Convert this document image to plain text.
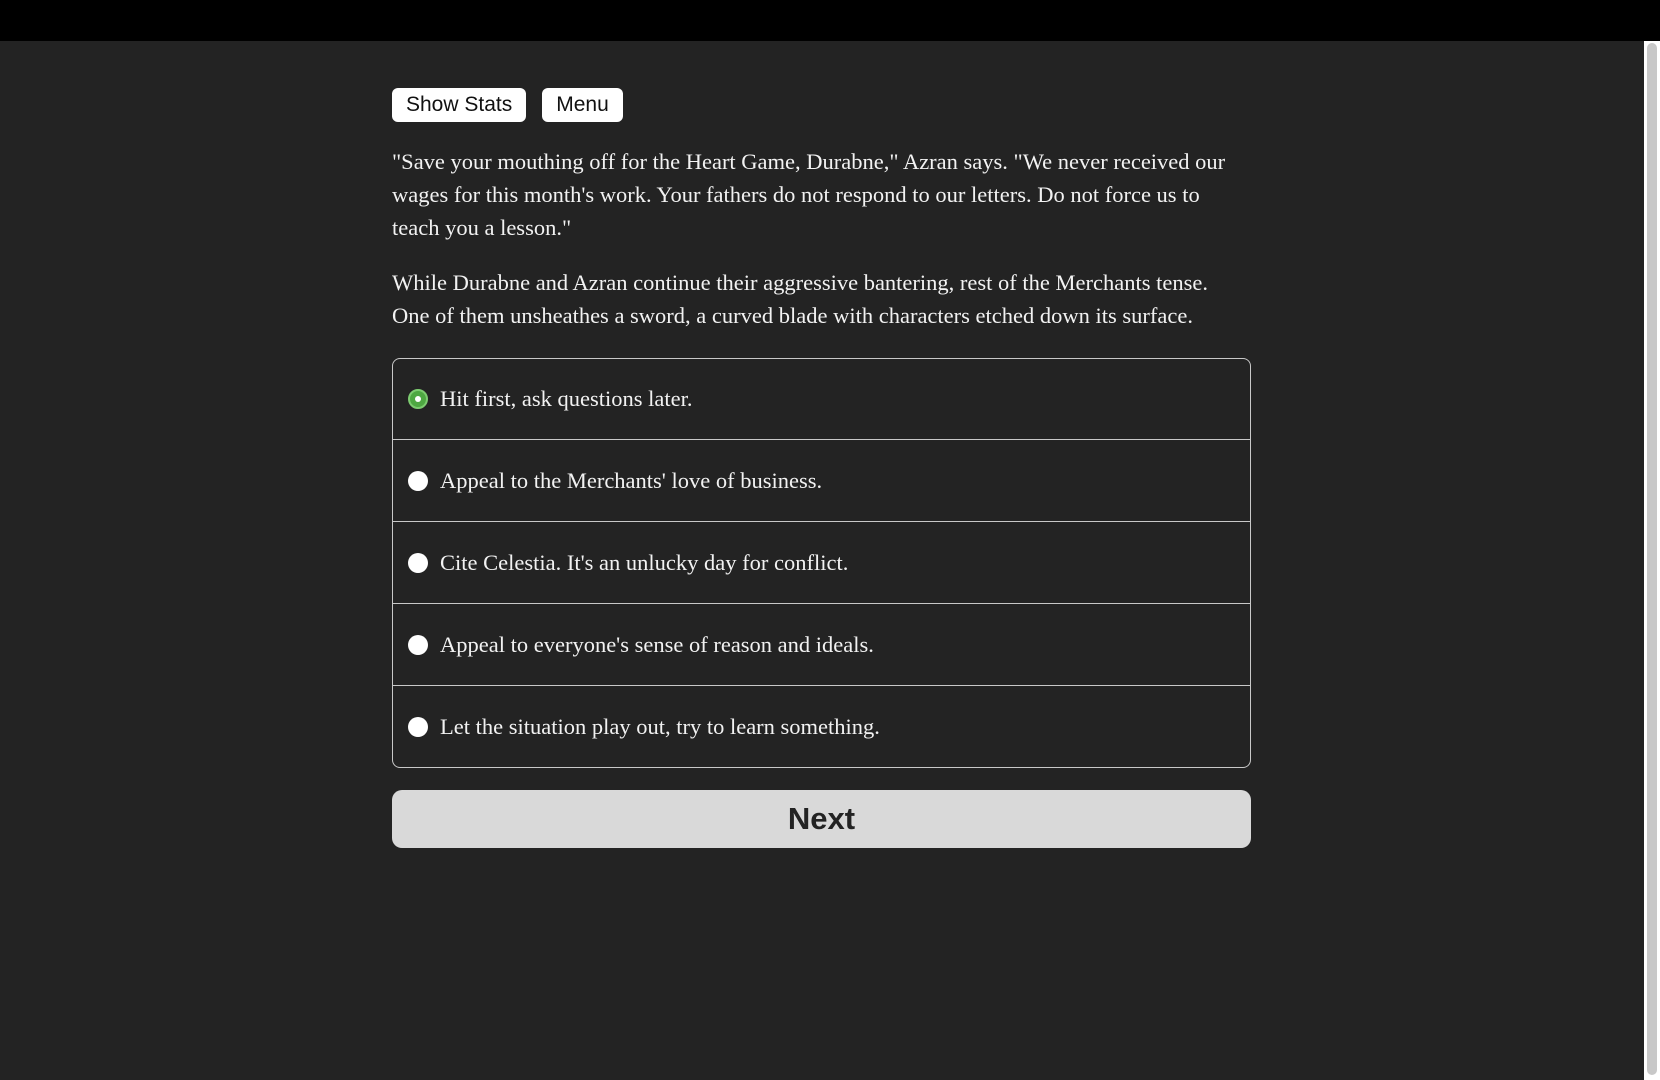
Show Stats	Menu

"Save your mouthing off for the Heart Game, Durabne," Azran says. "We never received our wages for this month's work. Your fathers do not respond to our letters. Do not force us to teach you a lesson."

While Durabne and Azran continue their aggressive bantering, rest of the Merchants tense. One of them unsheathes a sword, a curved blade with characters etched down its surface.

Hit first, ask questions later.
Appeal to the Merchants' love of business.
Cite Celestia. It's an unlucky day for conflict.
Appeal to everyone's sense of reason and ideals.
Let the situation play out, try to learn something.
Next
